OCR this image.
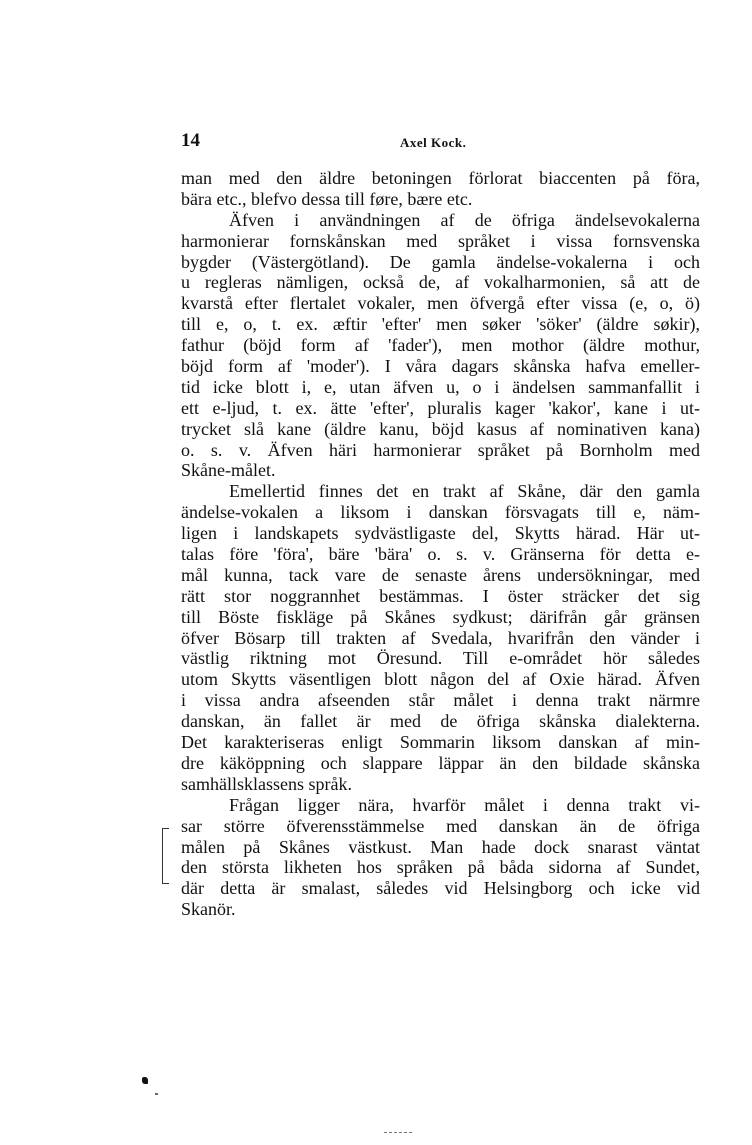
14	Axel Kock.
man med den äldre betoningen förlorat biaccenten på föra,
bära etc., blefvo dessa till føre, bære etc.
Äfven i användningen af de öfriga ändelsevokalerna
harmonierar fornskånskan med språket i vissa fornsvenska
bygder (Västergötland). De gamla ändelse-vokalerna i och
u regleras nämligen, också de, af vokalharmonien, så att de
kvarstå efter flertalet vokaler, men öfvergå efter vissa (e, o, ö)
till e, o, t. ex. æftir 'efter' men søker 'söker' (äldre søkir),
fathur (böjd form af 'fader'), men mothor (äldre mothur,
böjd form af 'moder'). I våra dagars skånska hafva emeller-
tid icke blott i, e, utan äfven u, o i ändelsen sammanfallit i
ett e-ljud, t. ex. ätte 'efter', pluralis kager 'kakor', kane i ut-
trycket slå kane (äldre kanu, böjd kasus af nominativen kana)
o. s. v. Äfven häri harmonierar språket på Bornholm med
Skåne-målet.
Emellertid finnes det en trakt af Skåne, där den gamla
ändelse-vokalen a liksom i danskan försvagats till e, näm-
ligen i landskapets sydvästligaste del, Skytts härad. Här ut-
talas före 'föra', bäre 'bära' o. s. v. Gränserna för detta e-
mål kunna, tack vare de senaste årens undersökningar, med
rätt stor noggrannhet bestämmas. I öster sträcker det sig
till Böste fiskläge på Skånes sydkust; därifrån går gränsen
öfver Bösarp till trakten af Svedala, hvarifrån den vänder i
västlig riktning mot Öresund. Till e-området hör således
utom Skytts väsentligen blott någon del af Oxie härad. Äfven
i vissa andra afseenden står målet i denna trakt närmre
danskan, än fallet är med de öfriga skånska dialekterna.
Det karakteriseras enligt Sommarin liksom danskan af min-
dre käköppning och slappare läppar än den bildade skånska
samhällsklassens språk.
Frågan ligger nära, hvarför målet i denna trakt vi-
sar större öfverensstämmelse med danskan än de öfriga
målen på Skånes västkust. Man hade dock snarast väntat
den största likheten hos språken på båda sidorna af Sundet,
där detta är smalast, således vid Helsingborg och icke vid
Skanör.
